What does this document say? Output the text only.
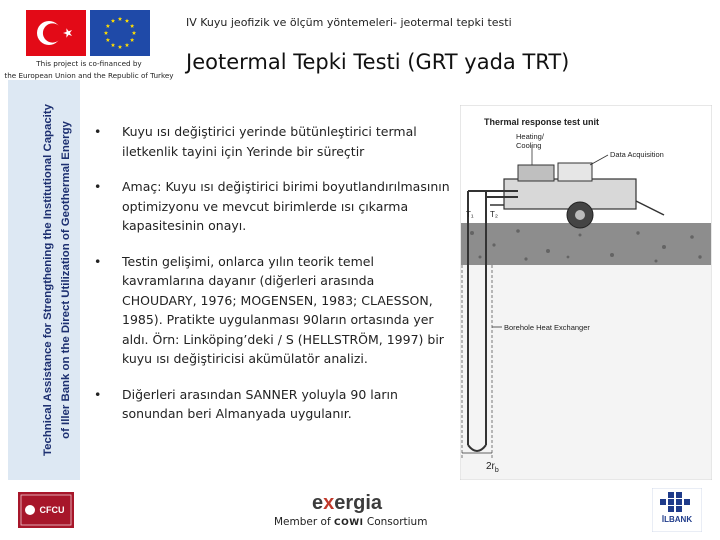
This project is co-financed by
the European Union and the Republic of Turkey
IV Kuyu jeofizik ve ölçüm yöntemeleri- jeotermal tepki testi
Jeotermal Tepki Testi (GRT yada TRT)
Technical Assistance for Strengthening the Institutional Capacity of Iller Bank on the Direct Utilization of Geothermal Energy • Kuyu ısı değiştirici yerinde bütünleştirici termal iletkenlik tayini için Yerinde bir süreçtir
• Amaç: Kuyu ısı değiştirici birimi boyutlandırılmasının optimizyonu ve mevcut birimlerde ısı çıkarma kapasitesinin onayı.
• Testin gelişimi, onlarca yılın teorik temel kavramlarına dayanır (diğerleri arasında CHOUDARY, 1976; MOGENSEN, 1983; CLAESSON, 1985). Pratikte uygulanması 90ların ortasında yer aldı. Örn: Linköping’deki / S (HELLSTRÖM, 1997) bir kuyu ısı değiştiricisi akümülatör analizi.
• Diğerleri arasından SANNER yoluyla 90 ların sonundan beri Almanyada uygulanır.
Thermal response test unit
Heating/
Cooling
Data Acquisition
T₁ T₂
Borehole Heat Exchanger
$2r_b$
CFCU	exergia
Member of COWI Consortium	İLBANK
